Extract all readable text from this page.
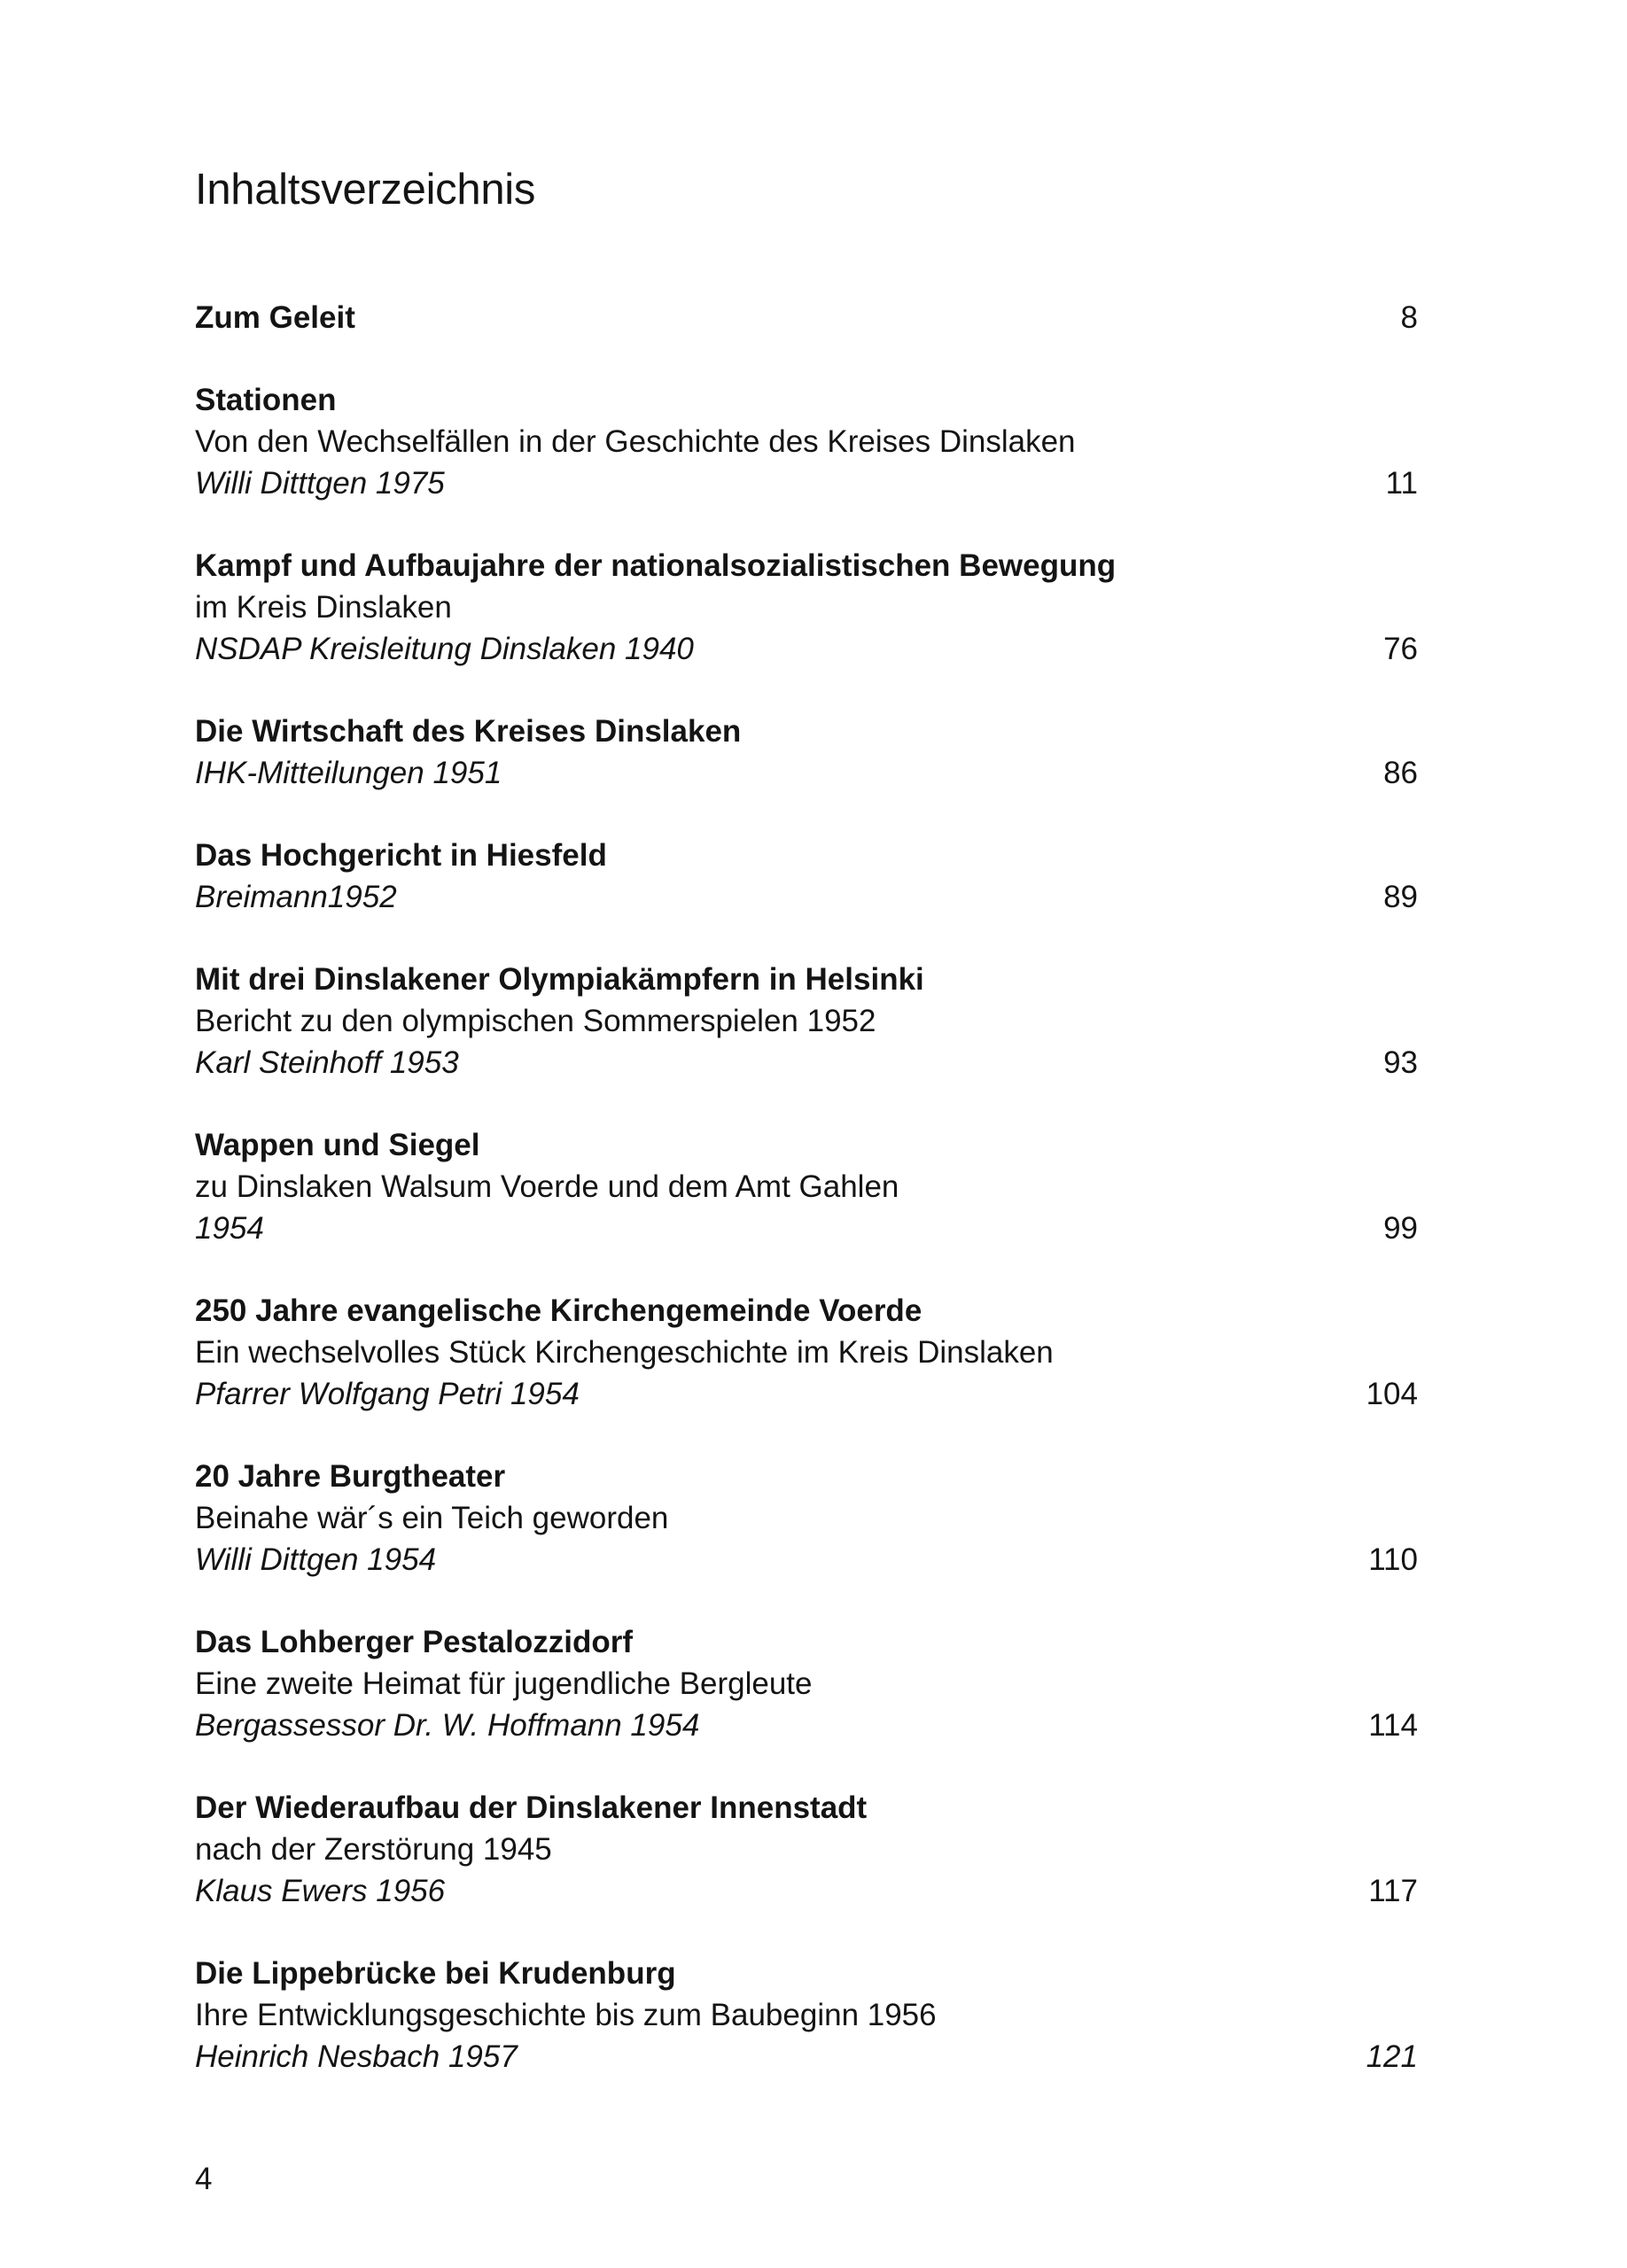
Inhaltsverzeichnis
Zum Geleit	8
Stationen
Von den Wechselfällen in der Geschichte des Kreises Dinslaken
Willi Ditttgen 1975	11
Kampf und Aufbaujahre der nationalsozialistischen Bewegung
im Kreis Dinslaken
NSDAP Kreisleitung Dinslaken 1940	76
Die Wirtschaft des Kreises Dinslaken
IHK-Mitteilungen 1951	86
Das Hochgericht in Hiesfeld
Breimann1952	89
Mit drei Dinslakener Olympiakämpfern in Helsinki
Bericht zu den olympischen Sommerspielen 1952
Karl Steinhoff 1953	93
Wappen und Siegel
zu Dinslaken Walsum Voerde und dem Amt Gahlen
1954	99
250 Jahre evangelische Kirchengemeinde Voerde
Ein wechselvolles Stück Kirchengeschichte im Kreis Dinslaken
Pfarrer Wolfgang Petri 1954	104
20 Jahre Burgtheater
Beinahe wär´s ein Teich geworden
Willi Dittgen 1954	110
Das Lohberger Pestalozzidorf
Eine zweite Heimat für jugendliche Bergleute
Bergassessor Dr. W. Hoffmann 1954	114
Der Wiederaufbau der Dinslakener Innenstadt
nach der Zerstörung 1945
Klaus Ewers 1956	117
Die Lippebrücke bei Krudenburg
Ihre Entwicklungsgeschichte bis zum Baubeginn 1956
Heinrich Nesbach 1957	121
4
